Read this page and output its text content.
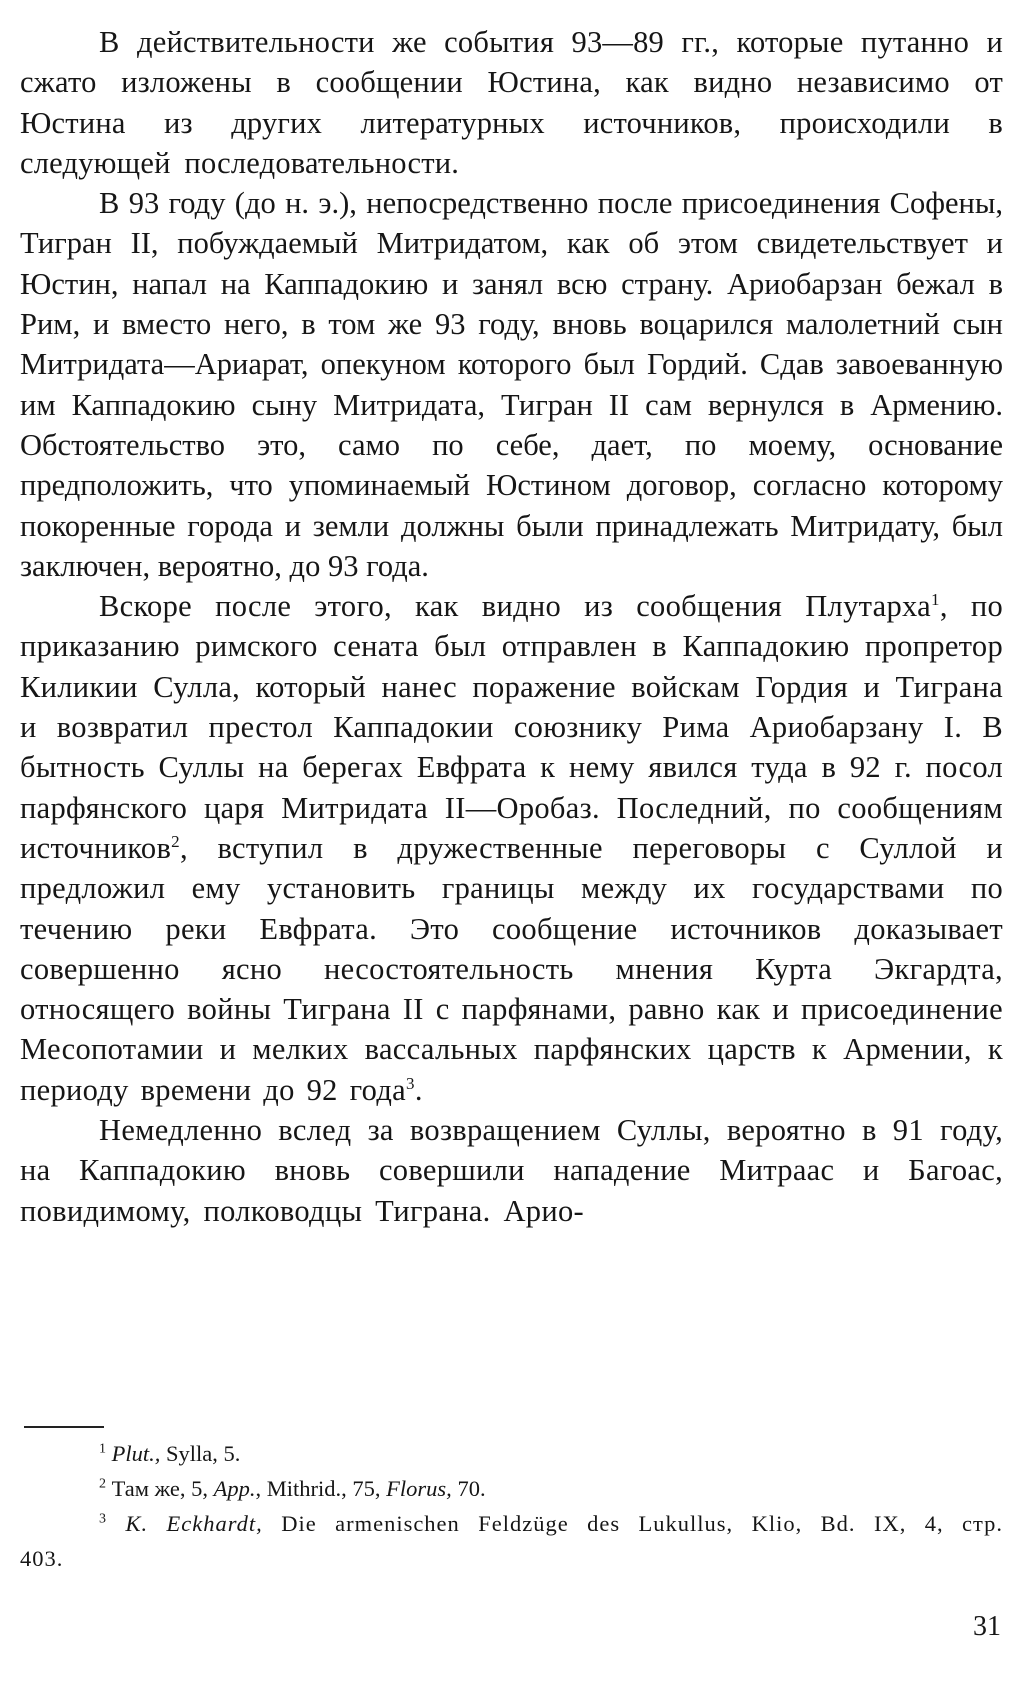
В действительности же события 93—89 гг., которые путанно и сжато изложены в сообщении Юстина, как видно независимо от Юстина из других литературных источников, происходили в следующей последовательности.

В 93 году (до н. э.), непосредственно после присоединения Софены, Тигран II, побуждаемый Митридатом, как об этом свидетельствует и Юстин, напал на Каппадокию и занял всю страну. Ариобарзан бежал в Рим, и вместо него, в том же 93 году, вновь воцарился малолетний сын Митридата—Ариарат, опекуном которого был Гордий. Сдав завоеванную им Каппадокию сыну Митридата, Тигран II сам вернулся в Армению. Обстоятельство это, само по себе, дает, по моему, основание предположить, что упоминаемый Юстином договор, согласно которому покоренные города и земли должны были принадлежать Митридату, был заключен, вероятно, до 93 года.

Вскоре после этого, как видно из сообщения Плутарха$^1$, по приказанию римского сената был отправлен в Каппадокию пропретор Киликии Сулла, который нанес поражение войскам Гордия и Тиграна и возвратил престол Каппадокии союзнику Рима Ариобарзану I. В бытность Суллы на берегах Евфрата к нему явился туда в 92 г. посол парфянского царя Митридата II—Оробаз. Последний, по сообщениям источников$^2$, вступил в дружественные переговоры с Суллой и предложил ему установить границы между их государствами по течению реки Евфрата. Это сообщение источников доказывает совершенно ясно несостоятельность мнения Курта Экгардта, относящего войны Тиграна II с парфянами, равно как и присоединение Месопотамии и мелких вассальных парфянских царств к Армении, к периоду времени до 92 года$^3$.

Немедленно вслед за возвращением Суллы, вероятно в 91 году, на Каппадокию вновь совершили нападение Митраас и Багоас, повидимому, полководцы Тиграна. Арио-

$^1$ Plut., Sylla, 5.

$^2$ Там же, 5, App., Mithrid., 75, Florus, 70.

$^3$ K. Eckhardt, Die armenischen Feldzüge des Lukullus, Klio, Bd. IX, 4, стр. 403.

31
